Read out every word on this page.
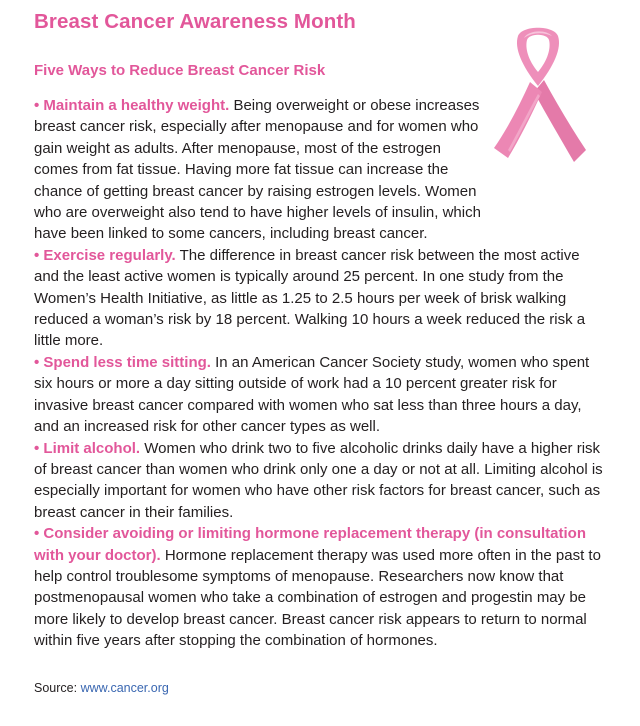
Breast Cancer Awareness Month
Five Ways to Reduce Breast Cancer Risk

• Maintain a healthy weight. Being overweight or obese increases breast cancer risk, especially after menopause and for women who gain weight as adults. After menopause, most of the estrogen comes from fat tissue. Having more fat tissue can increase the chance of getting breast cancer by raising estrogen levels. Women who are overweight also tend to have higher levels of insulin, which have been linked to some cancers, including breast cancer.

• Exercise regularly. The difference in breast cancer risk between the most active and the least active women is typically around 25 percent. In one study from the Women’s Health Initiative, as little as 1.25 to 2.5 hours per week of brisk walking reduced a woman’s risk by 18 percent. Walking 10 hours a week reduced the risk a little more.

• Spend less time sitting. In an American Cancer Society study, women who spent six hours or more a day sitting outside of work had a 10 percent greater risk for invasive breast cancer compared with women who sat less than three hours a day, and an increased risk for other cancer types as well.

• Limit alcohol. Women who drink two to five alcoholic drinks daily have a higher risk of breast cancer than women who drink only one a day or not at all. Limiting alcohol is especially important for women who have other risk factors for breast cancer, such as breast cancer in their families.

• Consider avoiding or limiting hormone replacement therapy (in consultation with your doctor). Hormone replacement therapy was used more often in the past to help control troublesome symptoms of menopause. Researchers now know that postmenopausal women who take a combination of estrogen and progestin may be more likely to develop breast cancer. Breast cancer risk appears to return to normal within five years after stopping the combination of hormones.

Source: www.cancer.org
